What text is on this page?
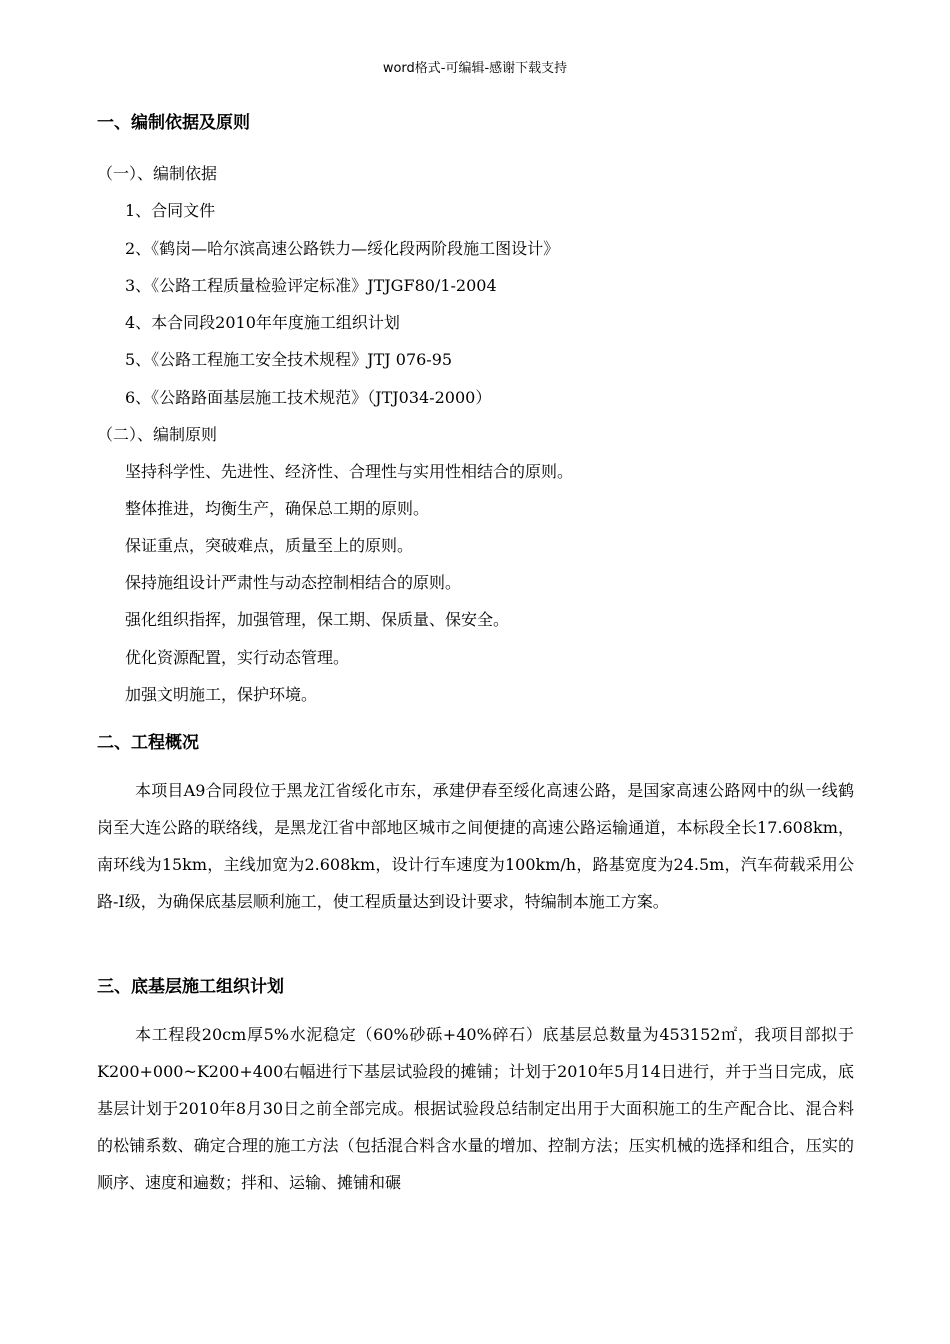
word格式-可编辑-感谢下载支持
一、编制依据及原则
（一）、编制依据
1、合同文件
2、《鹤岗—哈尔滨高速公路铁力—绥化段两阶段施工图设计》
3、《公路工程质量检验评定标准》JTJGF80/1-2004
4、本合同段2010年年度施工组织计划
5、《公路工程施工安全技术规程》JTJ 076-95
6、《公路路面基层施工技术规范》（JTJ034-2000）
（二）、编制原则
坚持科学性、先进性、经济性、合理性与实用性相结合的原则。
整体推进，均衡生产，确保总工期的原则。
保证重点，突破难点，质量至上的原则。
保持施组设计严肃性与动态控制相结合的原则。
强化组织指挥，加强管理，保工期、保质量、保安全。
优化资源配置，实行动态管理。
加强文明施工，保护环境。
二、工程概况
本项目A9合同段位于黑龙江省绥化市东，承建伊春至绥化高速公路，是国家高速公路网中的纵一线鹤岗至大连公路的联络线，是黑龙江省中部地区城市之间便捷的高速公路运输通道，本标段全长17.608km，南环线为15km，主线加宽为2.608km，设计行车速度为100km/h，路基宽度为24.5m，汽车荷载采用公路-I级，为确保底基层顺利施工，使工程质量达到设计要求，特编制本施工方案。
三、底基层施工组织计划
本工程段20cm厚5%水泥稳定（60%砂砾+40%碎石）底基层总数量为453152㎡，我项目部拟于K200+000~K200+400右幅进行下基层试验段的摊铺；计划于2010年5月14日进行，并于当日完成，底基层计划于2010年8月30日之前全部完成。根据试验段总结制定出用于大面积施工的生产配合比、混合料的松铺系数、确定合理的施工方法（包括混合料含水量的增加、控制方法；压实机械的选择和组合，压实的顺序、速度和遍数；拌和、运输、摊铺和碾
